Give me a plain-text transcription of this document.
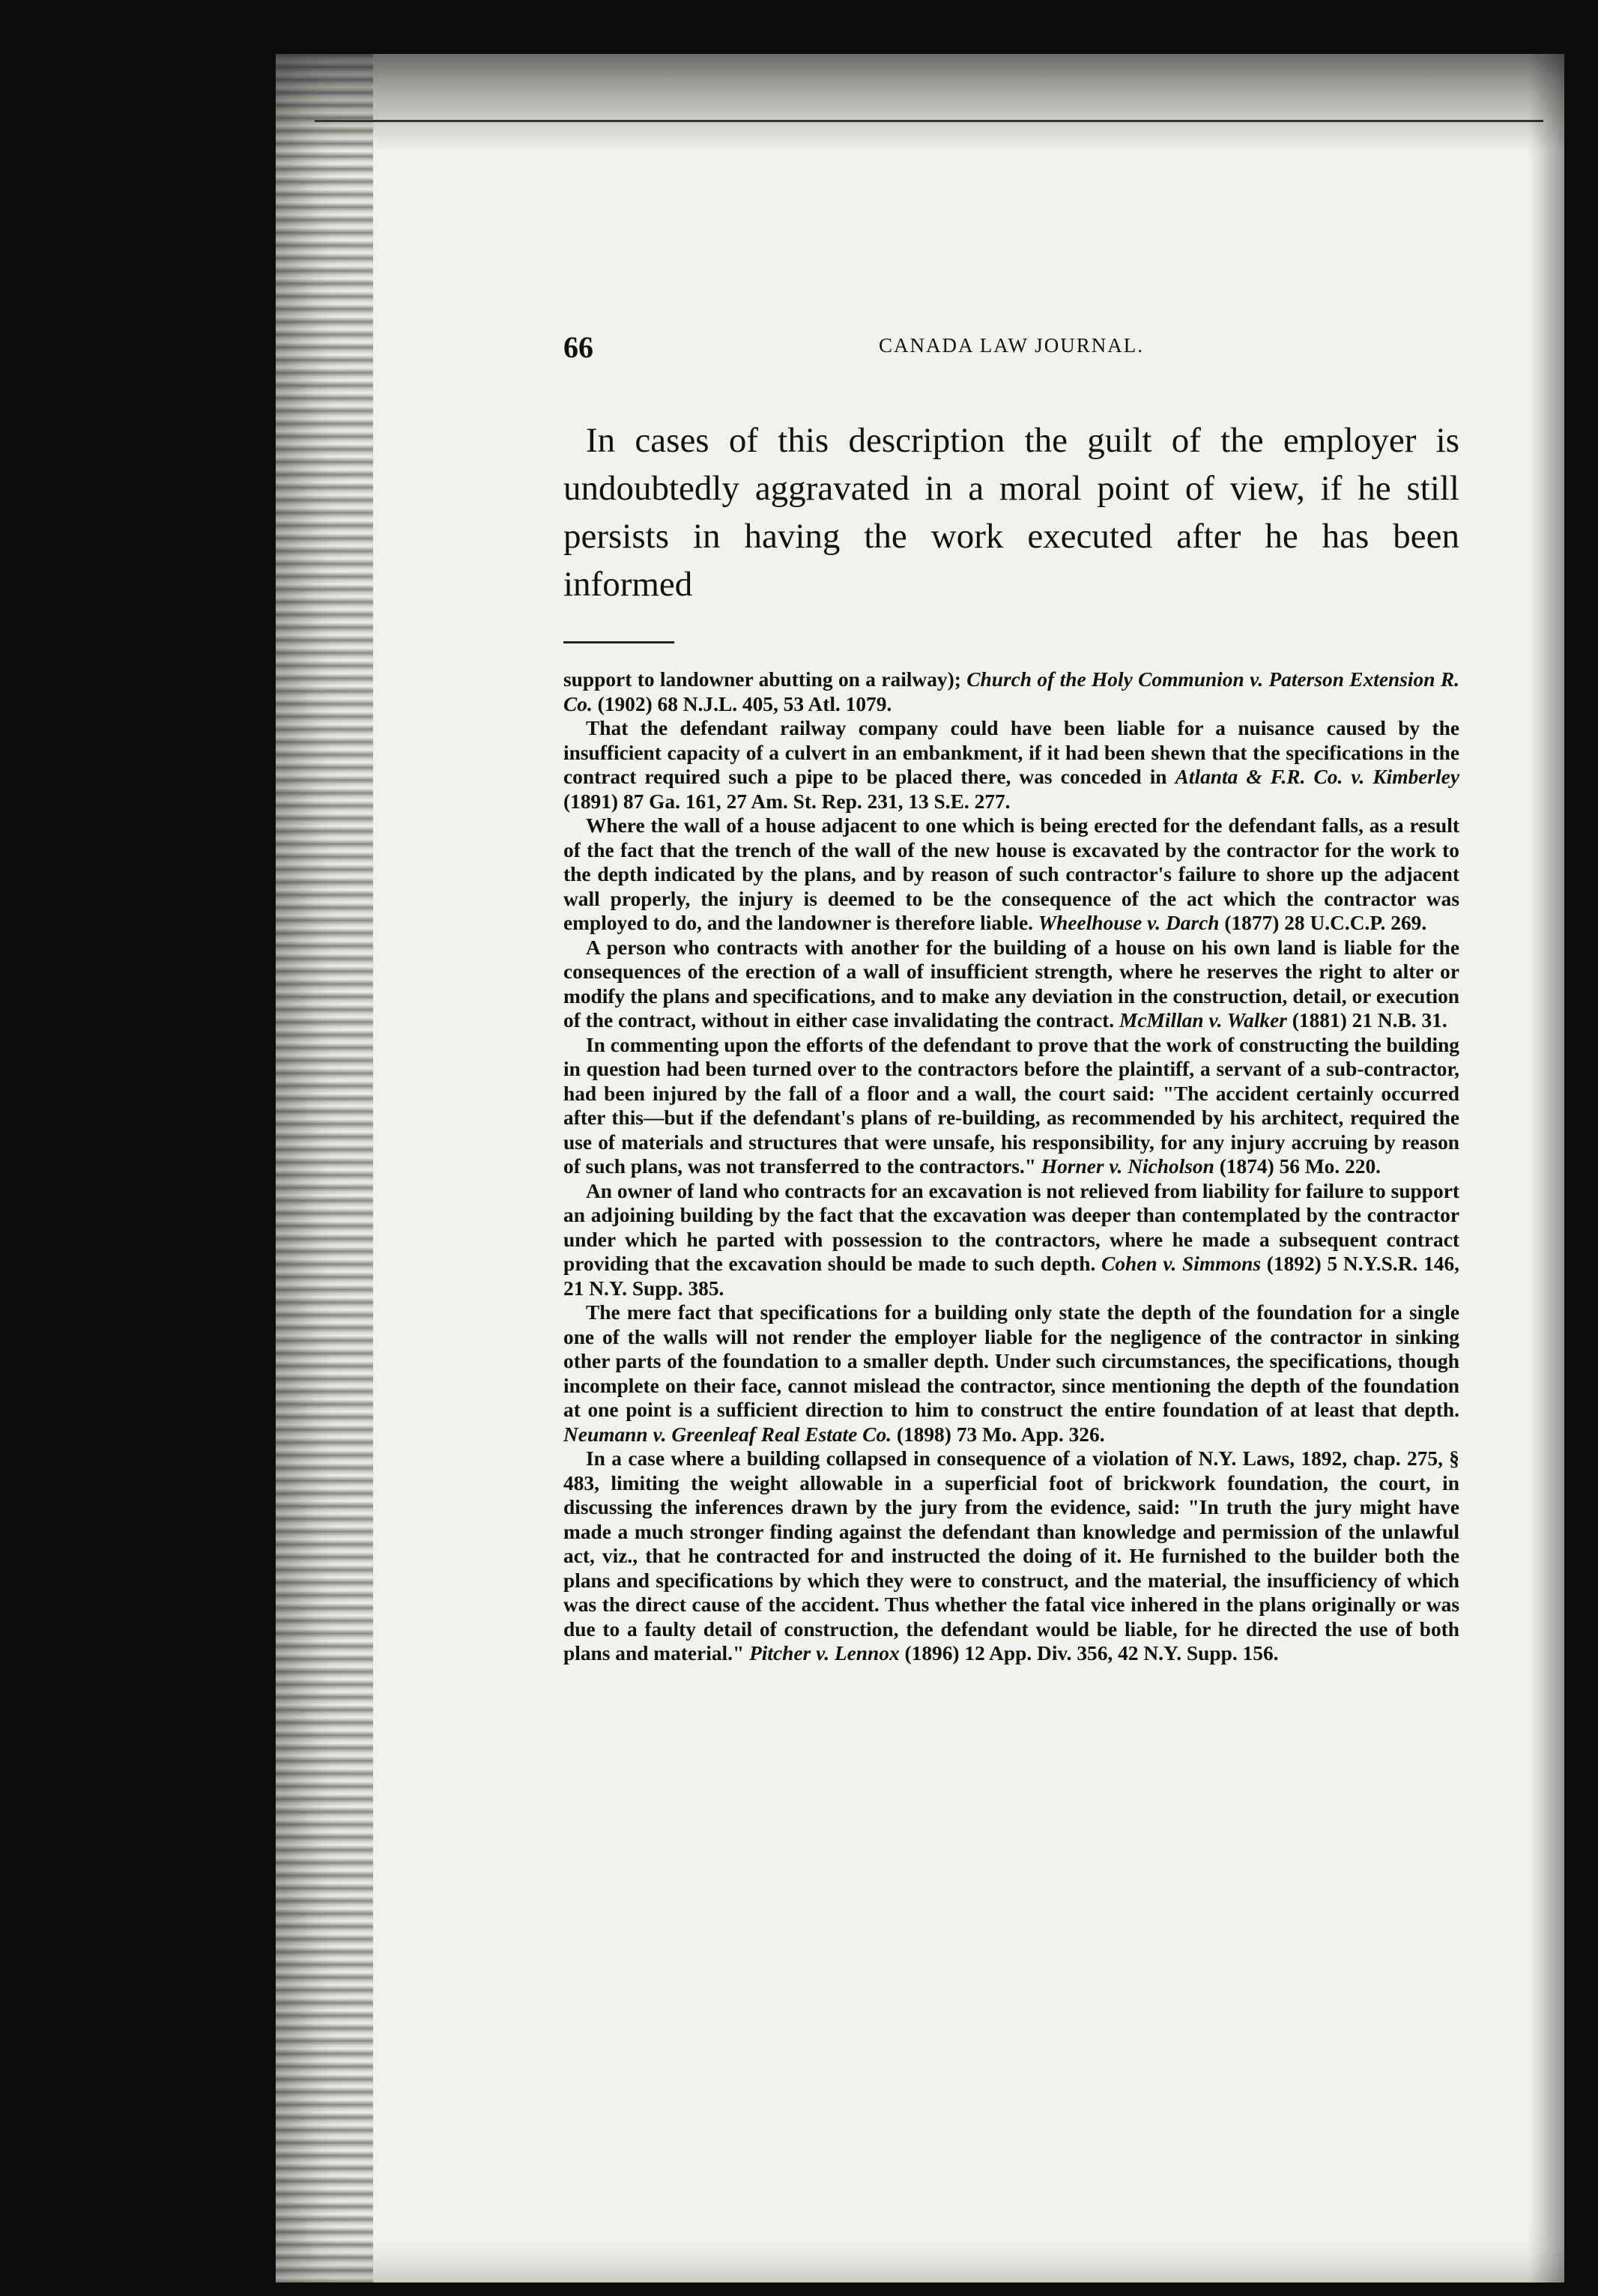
66	CANADA LAW JOURNAL.

In cases of this description the guilt of the employer is undoubtedly aggravated in a moral point of view, if he still persists in having the work executed after he has been informed

support to landowner abutting on a railway); Church of the Holy Communion v. Paterson Extension R. Co. (1902) 68 N.J.L. 405, 53 Atl. 1079.

That the defendant railway company could have been liable for a nuisance caused by the insufficient capacity of a culvert in an embankment, if it had been shewn that the specifications in the contract required such a pipe to be placed there, was conceded in Atlanta & F.R. Co. v. Kimberley (1891) 87 Ga. 161, 27 Am. St. Rep. 231, 13 S.E. 277.

Where the wall of a house adjacent to one which is being erected for the defendant falls, as a result of the fact that the trench of the wall of the new house is excavated by the contractor for the work to the depth indicated by the plans, and by reason of such contractor's failure to shore up the adjacent wall properly, the injury is deemed to be the consequence of the act which the contractor was employed to do, and the landowner is therefore liable. Wheelhouse v. Darch (1877) 28 U.C.C.P. 269.

A person who contracts with another for the building of a house on his own land is liable for the consequences of the erection of a wall of insufficient strength, where he reserves the right to alter or modify the plans and specifications, and to make any deviation in the construction, detail, or execution of the contract, without in either case invalidating the contract. McMillan v. Walker (1881) 21 N.B. 31.

In commenting upon the efforts of the defendant to prove that the work of constructing the building in question had been turned over to the contractors before the plaintiff, a servant of a sub-contractor, had been injured by the fall of a floor and a wall, the court said: "The accident certainly occurred after this—but if the defendant's plans of re-building, as recommended by his architect, required the use of materials and structures that were unsafe, his responsibility, for any injury accruing by reason of such plans, was not transferred to the contractors." Horner v. Nicholson (1874) 56 Mo. 220.

An owner of land who contracts for an excavation is not relieved from liability for failure to support an adjoining building by the fact that the excavation was deeper than contemplated by the contractor under which he parted with possession to the contractors, where he made a subsequent contract providing that the excavation should be made to such depth. Cohen v. Simmons (1892) 5 N.Y.S.R. 146, 21 N.Y. Supp. 385.

The mere fact that specifications for a building only state the depth of the foundation for a single one of the walls will not render the employer liable for the negligence of the contractor in sinking other parts of the foundation to a smaller depth. Under such circumstances, the specifications, though incomplete on their face, cannot mislead the contractor, since mentioning the depth of the foundation at one point is a sufficient direction to him to construct the entire foundation of at least that depth. Neumann v. Greenleaf Real Estate Co. (1898) 73 Mo. App. 326.

In a case where a building collapsed in consequence of a violation of N.Y. Laws, 1892, chap. 275, § 483, limiting the weight allowable in a superficial foot of brickwork foundation, the court, in discussing the inferences drawn by the jury from the evidence, said: "In truth the jury might have made a much stronger finding against the defendant than knowledge and permission of the unlawful act, viz., that he contracted for and instructed the doing of it. He furnished to the builder both the plans and specifications by which they were to construct, and the material, the insufficiency of which was the direct cause of the accident. Thus whether the fatal vice inhered in the plans originally or was due to a faulty detail of construction, the defendant would be liable, for he directed the use of both plans and material." Pitcher v. Lennox (1896) 12 App. Div. 356, 42 N.Y. Supp. 156.
